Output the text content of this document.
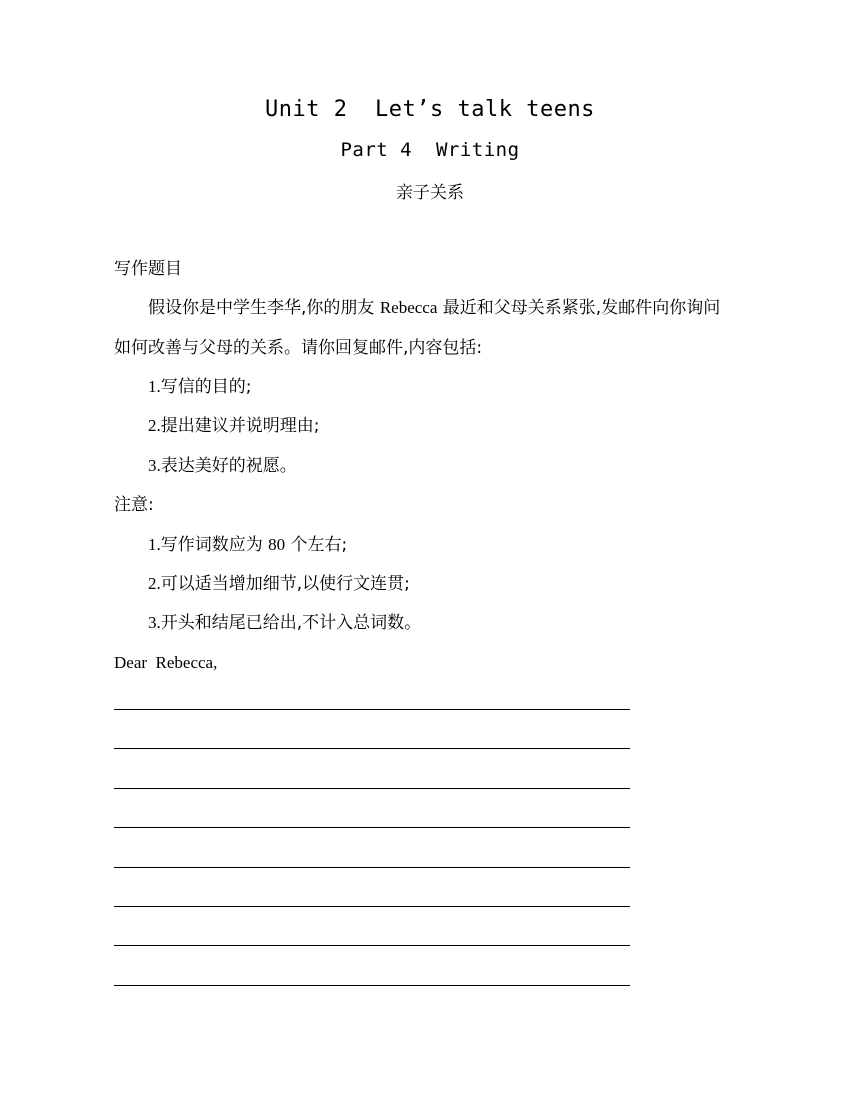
Unit 2  Let’s talk teens
Part 4  Writing
亲子关系
写作题目
假设你是中学生李华,你的朋友 Rebecca 最近和父母关系紧张,发邮件向你询问
如何改善与父母的关系。请你回复邮件,内容包括:
1.写信的目的;
2.提出建议并说明理由;
3.表达美好的祝愿。
注意:
1.写作词数应为 80 个左右;
2.可以适当增加细节,以使行文连贯;
3.开头和结尾已给出,不计入总词数。
Dear  Rebecca,
